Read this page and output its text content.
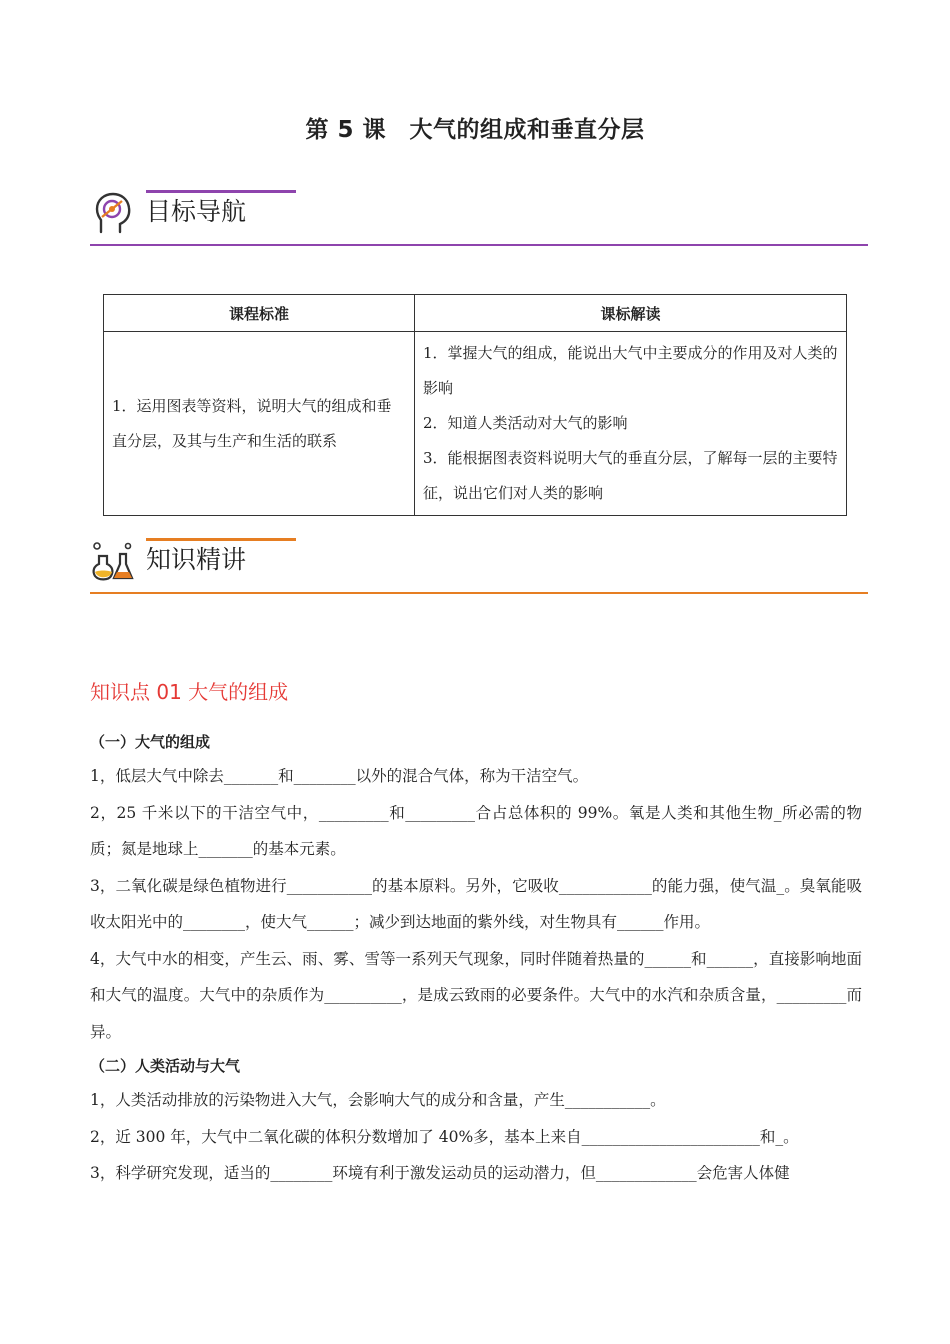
第 5 课　大气的组成和垂直分层
目标导航
课程标准	课标解读
1．运用图表等资料，说明大气的组成和垂直分层，及其与生产和生活的联系	1．掌握大气的组成，能说出大气中主要成分的作用及对人类的影响
2．知道人类活动对大气的影响
3．能根据图表资料说明大气的垂直分层，了解每一层的主要特征，说出它们对人类的影响
知识精讲
知识点 01 大气的组成
（一）大气的组成
1，低层大气中除去_______和________以外的混合气体，称为干洁空气。
2，25 千米以下的干洁空气中，_________和_________合占总体积的 99%。氧是人类和其他生物_所必需的物质；氮是地球上_______的基本元素。
3，二氧化碳是绿色植物进行___________的基本原料。另外，它吸收____________的能力强，使气温_。臭氧能吸收太阳光中的________，使大气______；减少到达地面的紫外线，对生物具有______作用。
4，大气中水的相变，产生云、雨、雾、雪等一系列天气现象，同时伴随着热量的______和______，直接影响地面和大气的温度。大气中的杂质作为__________，是成云致雨的必要条件。大气中的水汽和杂质含量，_________而异。
（二）人类活动与大气
1，人类活动排放的污染物进入大气，会影响大气的成分和含量，产生___________。
2，近 300 年，大气中二氧化碳的体积分数增加了 40%多，基本上来自_______________________和_。
3，科学研究发现，适当的________环境有利于激发运动员的运动潜力，但_____________会危害人体健
